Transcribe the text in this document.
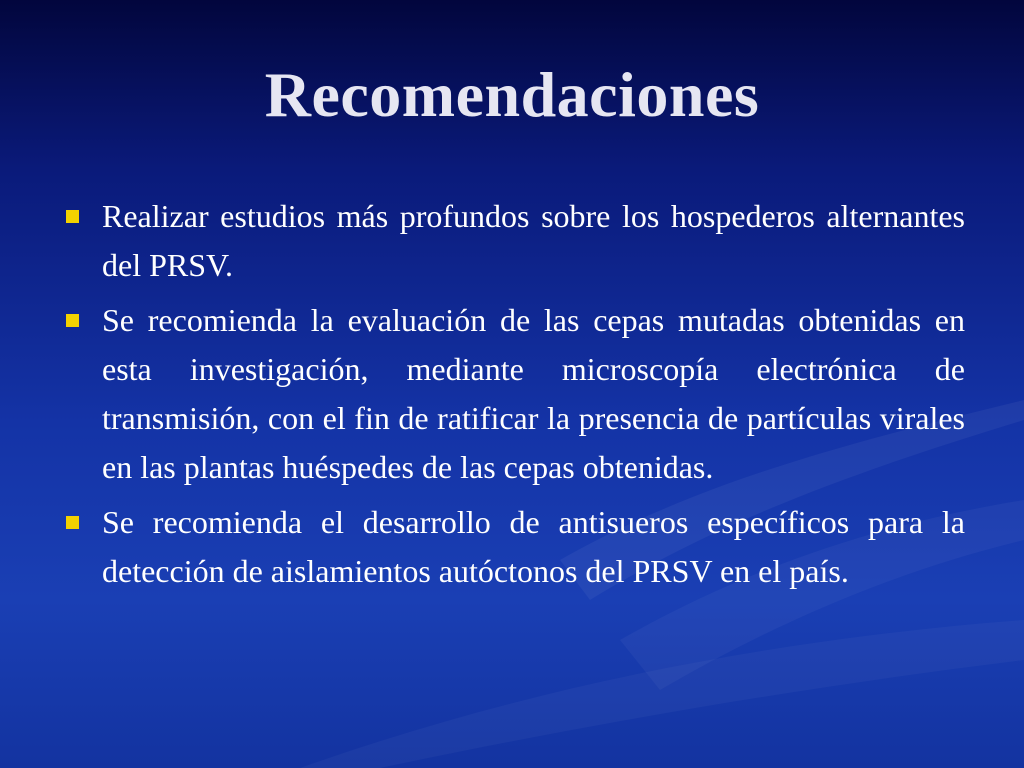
Recomendaciones
Realizar estudios más profundos sobre los hospederos alternantes del PRSV.
Se recomienda la evaluación de las cepas mutadas obtenidas en esta investigación, mediante microscopía electrónica de transmisión, con el fin de ratificar la presencia de partículas virales en las plantas huéspedes de las cepas obtenidas.
Se recomienda el desarrollo de antisueros específicos para la detección de aislamientos autóctonos del PRSV en el país.
